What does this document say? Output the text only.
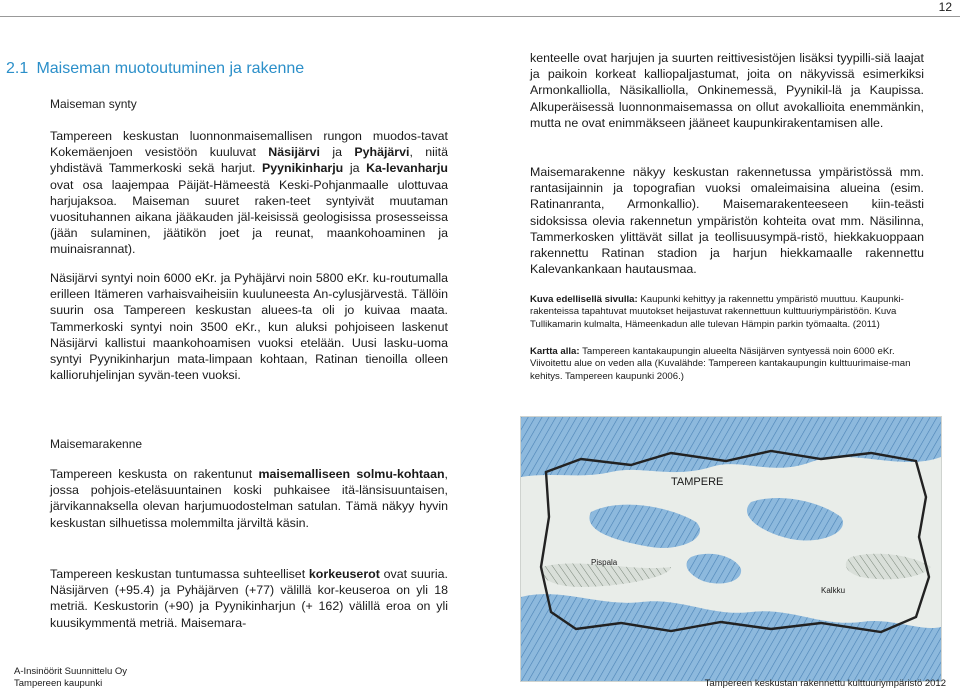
12
2.1 Maiseman muotoutuminen ja rakenne
Maiseman synty
Tampereen keskustan luonnonmaisemallisen rungon muodos-tavat Kokemäenjoen vesistöön kuuluvat Näsijärvi ja Pyhäjärvi, niitä yhdistävä Tammerkoski sekä harjut. Pyynikinharju ja Ka-levanharju ovat osa laajempaa Päijät-Hämeestä Keski-Pohjanmaalle ulottuvaa harjujaksoa. Maiseman suuret raken-teet syntyivät muutaman vuosituhannen aikana jääkauden jäl-keisissä geologisissa prosesseissa (jään sulaminen, jäätikön joet ja reunat, maankohoaminen ja muinaisrannat).
Näsijärvi syntyi noin 6000 eKr. ja Pyhäjärvi noin 5800 eKr. ku-routumalla erilleen Itämeren varhaisvaiheisiin kuuluneesta An-cylusjärvestä. Tällöin suurin osa Tampereen keskustan aluees-ta oli jo kuivaa maata. Tammerkoski syntyi noin 3500 eKr., kun aluksi pohjoiseen laskenut Näsijärvi kallistui maankohoamisen vuoksi etelään. Uusi lasku-uoma syntyi Pyynikinharjun mata-limpaan kohtaan, Ratinan tienoilla olleen kallioruhjelinjan syvän-teen vuoksi.
Maisemarakenne
Tampereen keskusta on rakentunut maisemalliseen solmu-kohtaan, jossa pohjois-eteläsuuntainen koski puhkaisee itä-länsisuuntaisen, järvikannaksella olevan harjumuodostelman satulan. Tämä näkyy hyvin keskustan silhuetissa molemmilta järviltä käsin.
Tampereen keskustan tuntumassa suhteelliset korkeuserot ovat suuria. Näsijärven (+95.4) ja Pyhäjärven (+77) välillä kor-keuseroa on yli 18 metriä. Keskustorin (+90) ja Pyynikinharjun (+ 162) välillä eroa on yli kuusikymmentä metriä. Maisemara-
kenteelle ovat harjujen ja suurten reittivesistöjen lisäksi tyypilli-siä laajat ja paikoin korkeat kalliopaljastumat, joita on näkyvissä esimerkiksi Armonkalliolla, Näsikalliolla, Onkinemessä, Pyynikil-lä ja Kaupissa. Alkuperäisessä luonnonmaisemassa on ollut avokallioita enemmänkin, mutta ne ovat enimmäkseen jääneet kaupunkirakentamisen alle.
Maisemarakenne näkyy keskustan rakennetussa ympäristössä mm. rantasijainnin ja topografian vuoksi omaleimaisina alueina (esim. Ratinanranta, Armonkallio). Maisemarakenteeseen kiin-teästi sidoksissa olevia rakennetun ympäristön kohteita ovat mm. Näsilinna, Tammerkosken ylittävät sillat ja teollisuusympä-ristö, hiekkakuoppaan rakennettu Ratinan stadion ja harjun hiekkamaalle rakennettu Kalevankankaan hautausmaa.
Kuva edellisellä sivulla: Kaupunki kehittyy ja rakennettu ympäristö muuttuu. Kaupunki-rakenteissa tapahtuvat muutokset heijastuvat rakennettuun kulttuuriympäristöön. Kuva Tullikamarin kulmalta, Hämeenkadun alle tulevan Hämpin parkin työmaalta. (2011)
Kartta alla: Tampereen kantakaupungin alueelta Näsijärven syntyessä noin 6000 eKr. Viivoitettu alue on veden alla (Kuvalähde: Tampereen kantakaupungin kulttuurimaise-man kehitys. Tampereen kaupunki 2006.)
TAMPERE
Pispala
Kalkku
A-Insinöörit Suunnittelu Oy
Tampereen kaupunki	Tampereen keskustan rakennettu kulttuuriympäristö 2012
